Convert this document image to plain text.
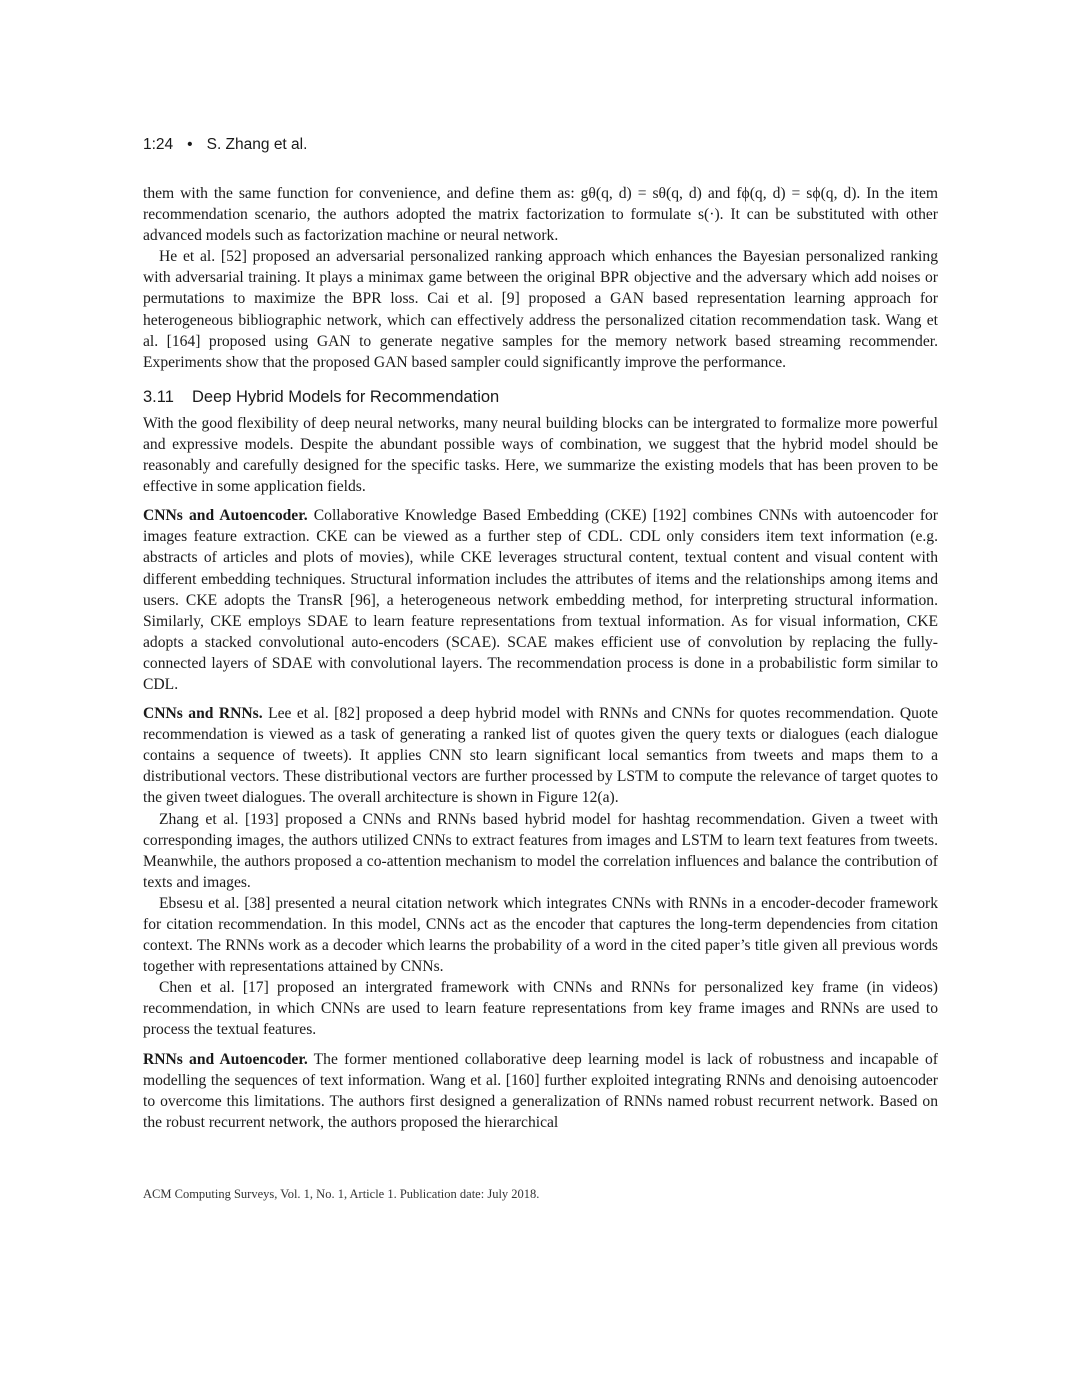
1:24 • S. Zhang et al.

them with the same function for convenience, and define them as: gθ(q, d) = sθ(q, d) and fϕ(q, d) = sϕ(q, d). In the item recommendation scenario, the authors adopted the matrix factorization to formulate s(·). It can be substituted with other advanced models such as factorization machine or neural network.

He et al. [52] proposed an adversarial personalized ranking approach which enhances the Bayesian personalized ranking with adversarial training. It plays a minimax game between the original BPR objective and the adversary which add noises or permutations to maximize the BPR loss. Cai et al. [9] proposed a GAN based representation learning approach for heterogeneous bibliographic network, which can effectively address the personalized citation recommendation task. Wang et al. [164] proposed using GAN to generate negative samples for the memory network based streaming recommender. Experiments show that the proposed GAN based sampler could significantly improve the performance.

3.11 Deep Hybrid Models for Recommendation

With the good flexibility of deep neural networks, many neural building blocks can be intergrated to formalize more powerful and expressive models. Despite the abundant possible ways of combination, we suggest that the hybrid model should be reasonably and carefully designed for the specific tasks. Here, we summarize the existing models that has been proven to be effective in some application fields.

CNNs and Autoencoder. Collaborative Knowledge Based Embedding (CKE) [192] combines CNNs with autoencoder for images feature extraction. CKE can be viewed as a further step of CDL. CDL only considers item text information (e.g. abstracts of articles and plots of movies), while CKE leverages structural content, textual content and visual content with different embedding techniques. Structural information includes the attributes of items and the relationships among items and users. CKE adopts the TransR [96], a heterogeneous network embedding method, for interpreting structural information. Similarly, CKE employs SDAE to learn feature representations from textual information. As for visual information, CKE adopts a stacked convolutional auto-encoders (SCAE). SCAE makes efficient use of convolution by replacing the fully-connected layers of SDAE with convolutional layers. The recommendation process is done in a probabilistic form similar to CDL.

CNNs and RNNs. Lee et al. [82] proposed a deep hybrid model with RNNs and CNNs for quotes recommendation. Quote recommendation is viewed as a task of generating a ranked list of quotes given the query texts or dialogues (each dialogue contains a sequence of tweets). It applies CNN sto learn significant local semantics from tweets and maps them to a distributional vectors. These distributional vectors are further processed by LSTM to compute the relevance of target quotes to the given tweet dialogues. The overall architecture is shown in Figure 12(a).

Zhang et al. [193] proposed a CNNs and RNNs based hybrid model for hashtag recommendation. Given a tweet with corresponding images, the authors utilized CNNs to extract features from images and LSTM to learn text features from tweets. Meanwhile, the authors proposed a co-attention mechanism to model the correlation influences and balance the contribution of texts and images.

Ebsesu et al. [38] presented a neural citation network which integrates CNNs with RNNs in a encoder-decoder framework for citation recommendation. In this model, CNNs act as the encoder that captures the long-term dependencies from citation context. The RNNs work as a decoder which learns the probability of a word in the cited paper’s title given all previous words together with representations attained by CNNs.

Chen et al. [17] proposed an intergrated framework with CNNs and RNNs for personalized key frame (in videos) recommendation, in which CNNs are used to learn feature representations from key frame images and RNNs are used to process the textual features.

RNNs and Autoencoder. The former mentioned collaborative deep learning model is lack of robustness and incapable of modelling the sequences of text information. Wang et al. [160] further exploited integrating RNNs and denoising autoencoder to overcome this limitations. The authors first designed a generalization of RNNs named robust recurrent network. Based on the robust recurrent network, the authors proposed the hierarchical

ACM Computing Surveys, Vol. 1, No. 1, Article 1. Publication date: July 2018.
